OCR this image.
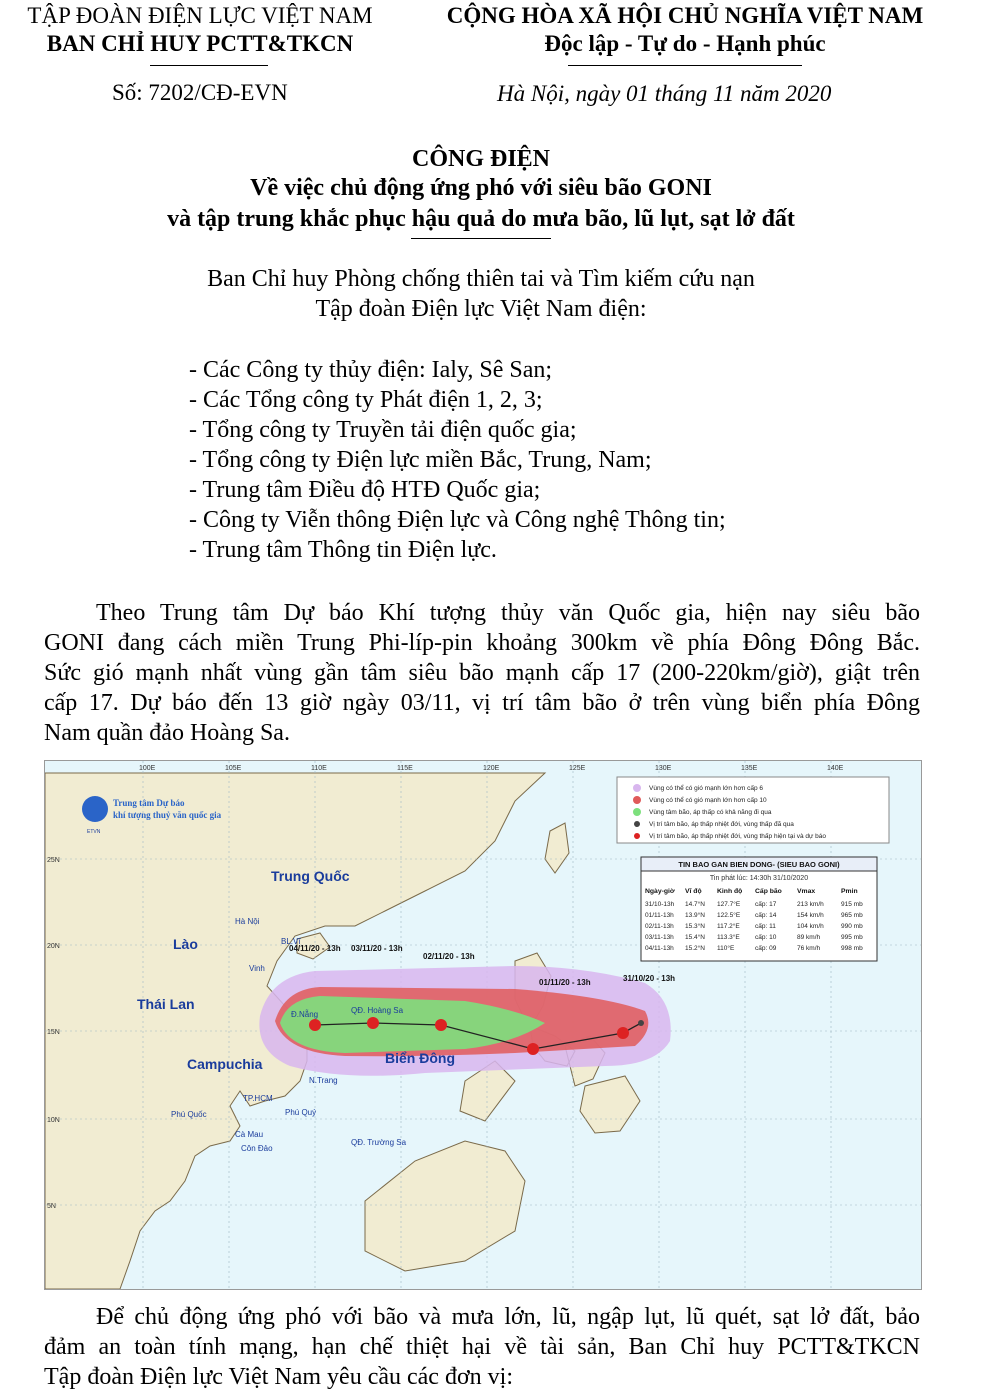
TẬP ĐOÀN ĐIỆN LỰC VIỆT NAM
BAN CHỈ HUY PCTT&TKCN
Số: 7202/CĐ-EVN
CỘNG HÒA XÃ HỘI CHỦ NGHĨA VIỆT NAM
Độc lập - Tự do - Hạnh phúc
Hà Nội, ngày 01 tháng 11 năm 2020
CÔNG ĐIỆN
Về việc chủ động ứng phó với siêu bão GONI
và tập trung khắc phục hậu quả do mưa bão, lũ lụt, sạt lở đất
Ban Chỉ huy Phòng chống thiên tai và Tìm kiếm cứu nạn
Tập đoàn Điện lực Việt Nam điện:
- Các Công ty thủy điện: Ialy, Sê San;
- Các Tổng công ty Phát điện 1, 2, 3;
- Tổng công ty Truyền tải điện quốc gia;
- Tổng công ty Điện lực miền Bắc, Trung, Nam;
- Trung tâm Điều độ HTĐ Quốc gia;
- Công ty Viễn thông Điện lực và Công nghệ Thông tin;
- Trung tâm Thông tin Điện lực.
Theo Trung tâm Dự báo Khí tượng thủy văn Quốc gia, hiện nay siêu bão
GONI đang cách miền Trung Phi-líp-pin khoảng 300km về phía Đông Đông Bắc.
Sức gió mạnh nhất vùng gần tâm siêu bão mạnh cấp 17 (200-220km/giờ), giật trên
cấp 17. Dự báo đến 13 giờ ngày 03/11, vị trí tâm bão ở trên vùng biển phía Đông
Nam quần đảo Hoàng Sa.
100E	105E	110E	115E	120E	125E	130E	135E	140E
25N
20N
15N
10N
5N
04/11/20 - 13h 03/11/20 - 13h
02/11/20 - 13h
01/11/20 - 13h	31/10/20 - 13h
Trung Quốc
Lào
Thái Lan
Campuchia	Biển Đông
Hà Nội
BL.Vĩ
Vinh
Đ.Nẵng	QĐ. Hoàng Sa
N.Trang
TP.HCM
Phú Quốc	Phú Quý
Cà Mau
Côn Đảo
QĐ. Trường Sa
ETVN
Trung tâm Dự báo
khí tượng thuỷ văn quốc gia
Vùng có thể có gió mạnh lớn hơn cấp 6
Vùng có thể có gió mạnh lớn hơn cấp 10
Vùng tâm bão, áp thấp có khả năng đi qua
Vị trí tâm bão, áp thấp nhiệt đới, vùng thấp đã qua
Vị trí tâm bão, áp thấp nhiệt đới, vùng thấp hiện tại và dự báo
TIN BAO GAN BIEN DONG- (SIEU BAO GONI)
Tin phát lúc: 14:30h 31/10/2020
Ngày-giờ Vĩ độ Kinh độ Cấp bão Vmax	Pmin
31/10-13h 14.7°N 127.7°E cấp: 17	213 km/h	915 mb
01/11-13h 13.9°N 122.5°E cấp: 14	154 km/h	965 mb
02/11-13h 15.3°N 117.2°E cấp: 11	104 km/h	990 mb
03/11-13h 15.4°N 113.3°E cấp: 10	89 km/h	995 mb
04/11-13h 15.2°N 110°E	cấp: 09	76 km/h	998 mb
Để chủ động ứng phó với bão và mưa lớn, lũ, ngập lụt, lũ quét, sạt lở đất, bảo
đảm an toàn tính mạng, hạn chế thiệt hại về tài sản, Ban Chỉ huy PCTT&TKCN
Tập đoàn Điện lực Việt Nam yêu cầu các đơn vị:
